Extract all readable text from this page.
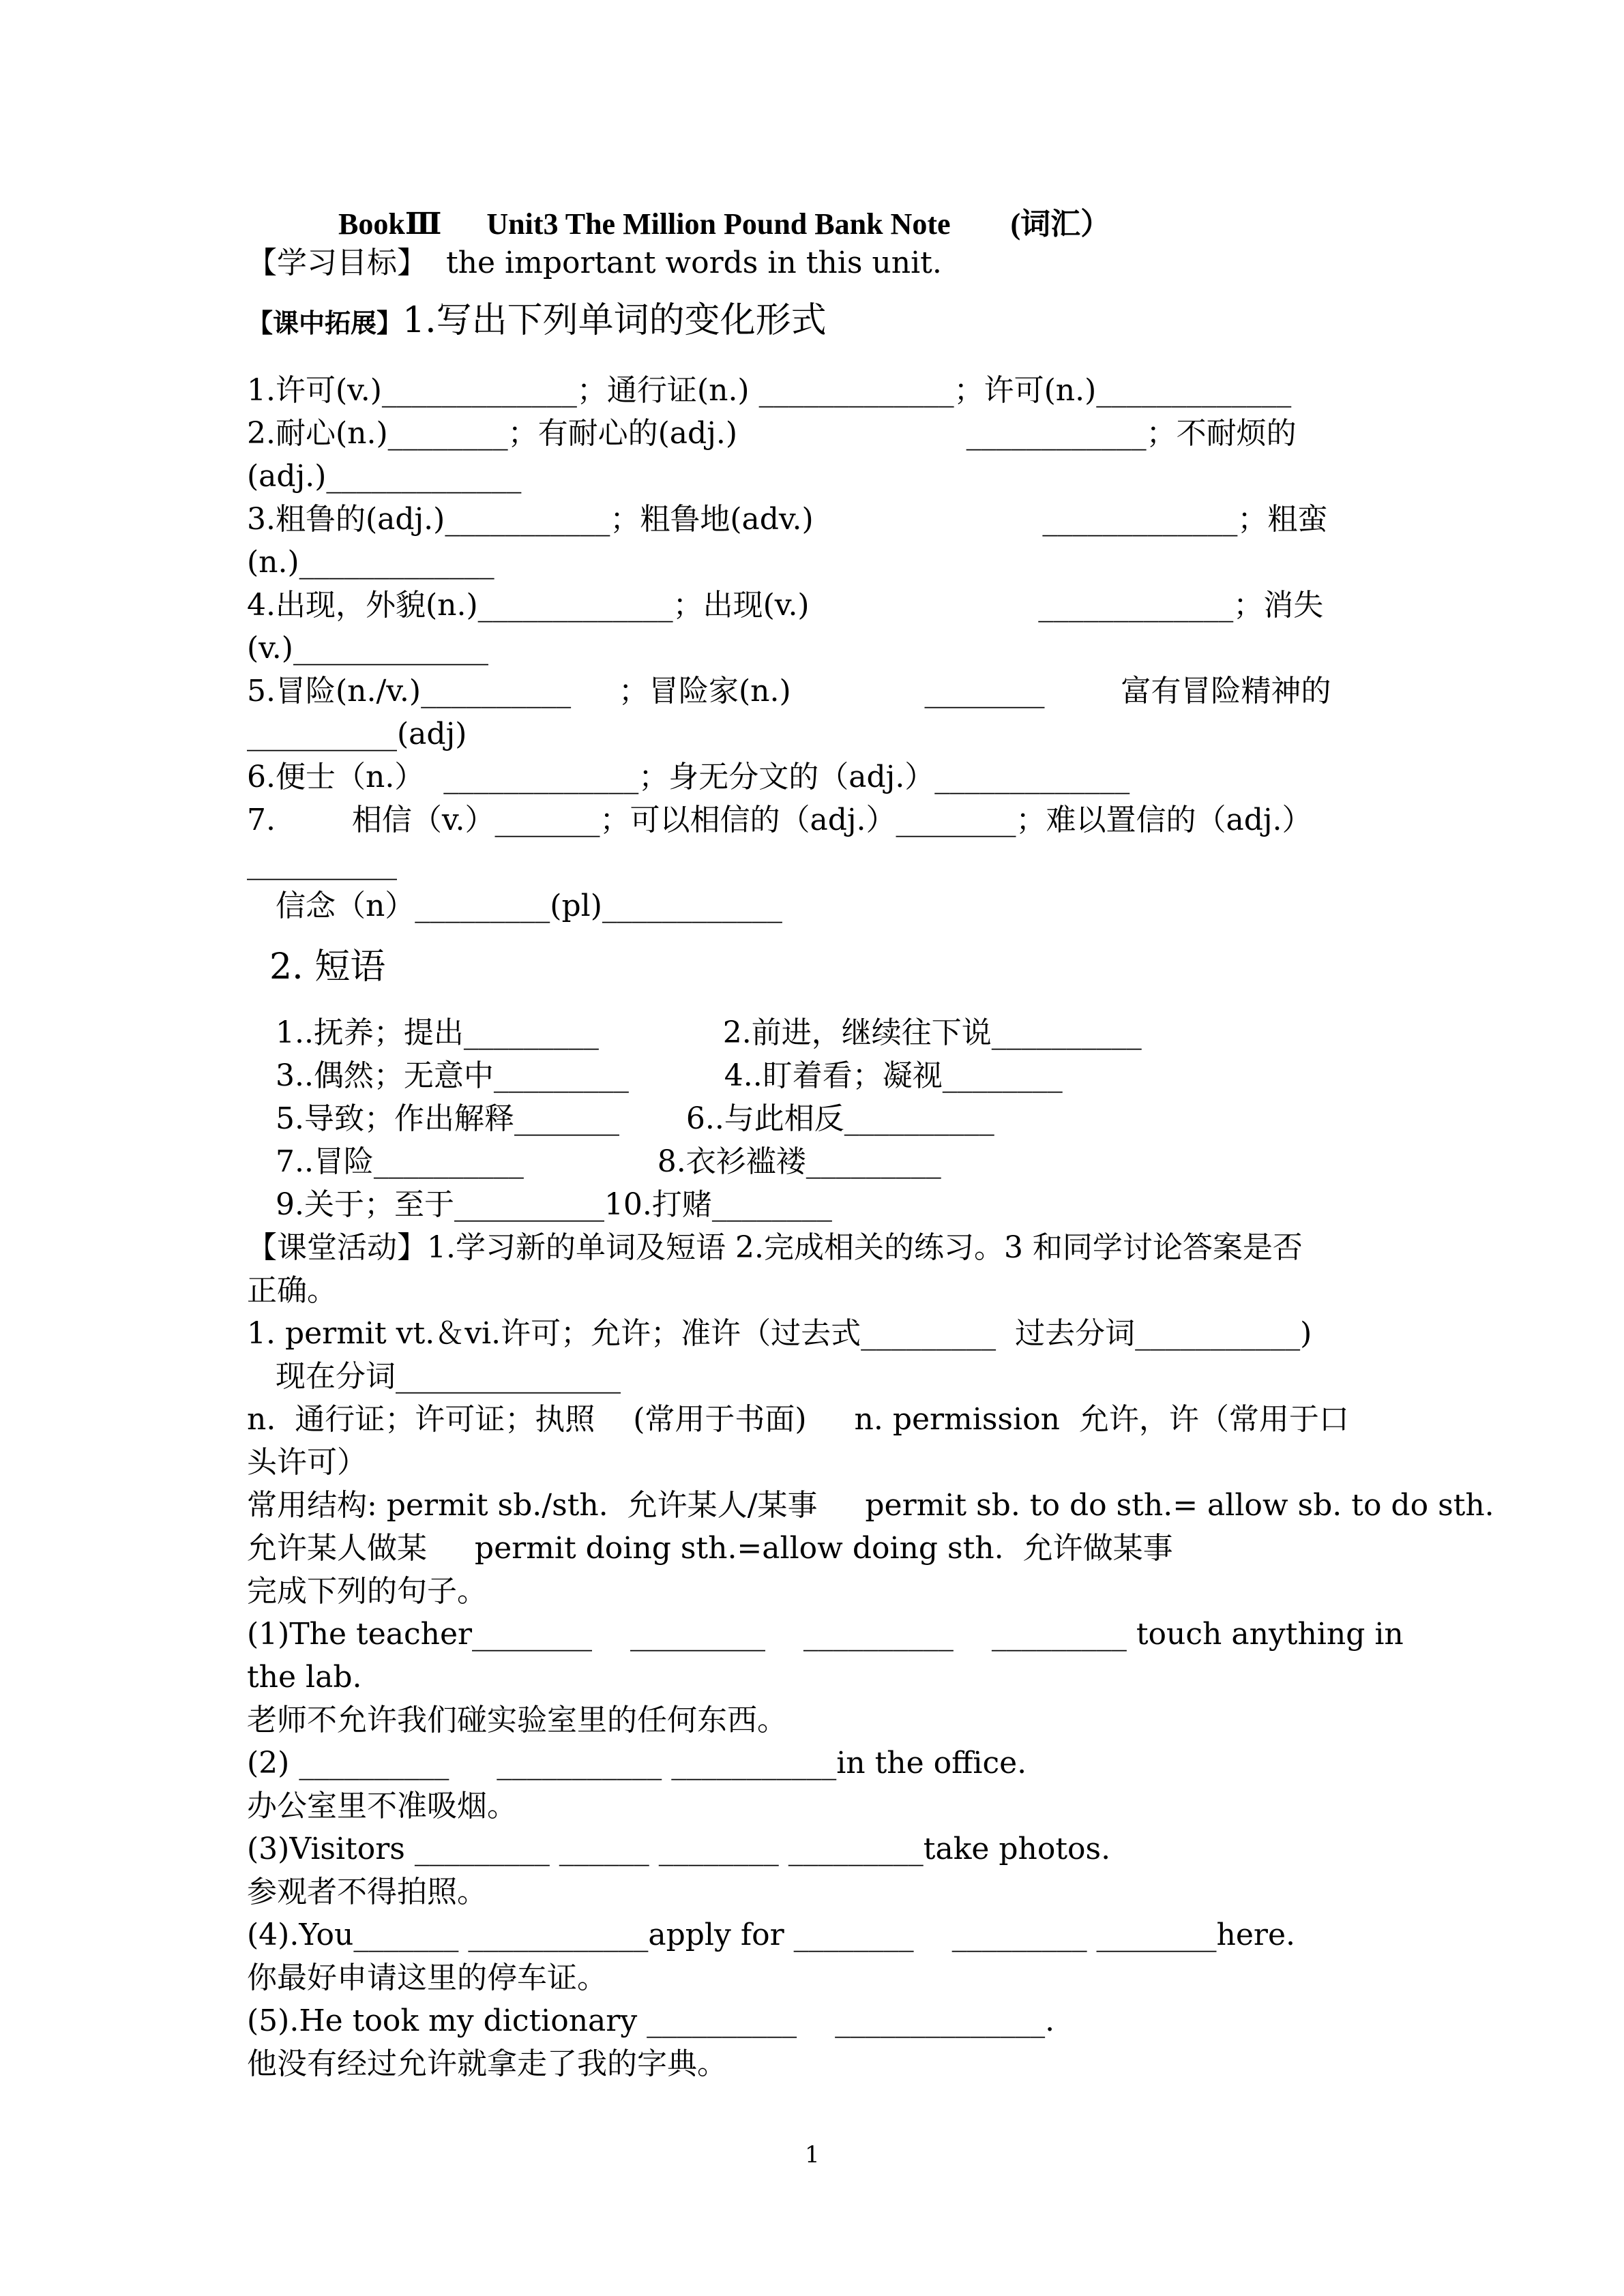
BookⅢ      Unit3 The Million Pound Bank Note        (词汇）
【学习目标】  the important words in this unit.
【课中拓展】1.写出下列单词的变化形式
1.许可(v.)_____________；通行证(n.) _____________；许可(n.)_____________
2.耐心(n.)________；有耐心的(adj.)                        ____________；不耐烦的
(adj.)_____________
3.粗鲁的(adj.)___________；粗鲁地(adv.)                        _____________；粗蛮
(n.)_____________
4.出现，外貌(n.)_____________；出现(v.)                        _____________；消失
(v.)_____________
5.冒险(n./v.)__________     ；冒险家(n.)              ________        富有冒险精神的
__________(adj)
6.便士（n.）  _____________；身无分文的（adj.）_____________
7.        相信（v.）_______；可以相信的（adj.）________；难以置信的（adj.）
__________
信念（n）_________(pl)____________
2. 短语
1..抚养；提出_________             2.前进，继续往下说__________
3..偶然；无意中_________          4..盯着看；凝视________
5.导致；作出解释_______       6..与此相反__________
7..冒险__________              8.衣衫褴褛_________
9.关于；至于__________10.打赌________
【课堂活动】1.学习新的单词及短语 2.完成相关的练习。3 和同学讨论答案是否
正确。
1. permit vt.＆vi.许可；允许；准许（过去式_________  过去分词___________)
现在分词_______________
n.  通行证；许可证；执照    (常用于书面)     n. permission  允许，许（常用于口
头许可）
常用结构: permit sb./sth.  允许某人/某事     permit sb. to do sth.= allow sb. to do sth.
允许某人做某     permit doing sth.=allow doing sth.  允许做某事
完成下列的句子。
(1)The teacher________    _________    __________    _________ touch anything in
the lab.
老师不允许我们碰实验室里的任何东西。
(2) __________     ___________ ___________in the office.
办公室里不准吸烟。
(3)Visitors _________ ______ ________ _________take photos.
参观者不得拍照。
(4).You_______ ____________apply for ________    _________ ________here.
你最好申请这里的停车证。
(5).He took my dictionary __________    ______________.
他没有经过允许就拿走了我的字典。
1
